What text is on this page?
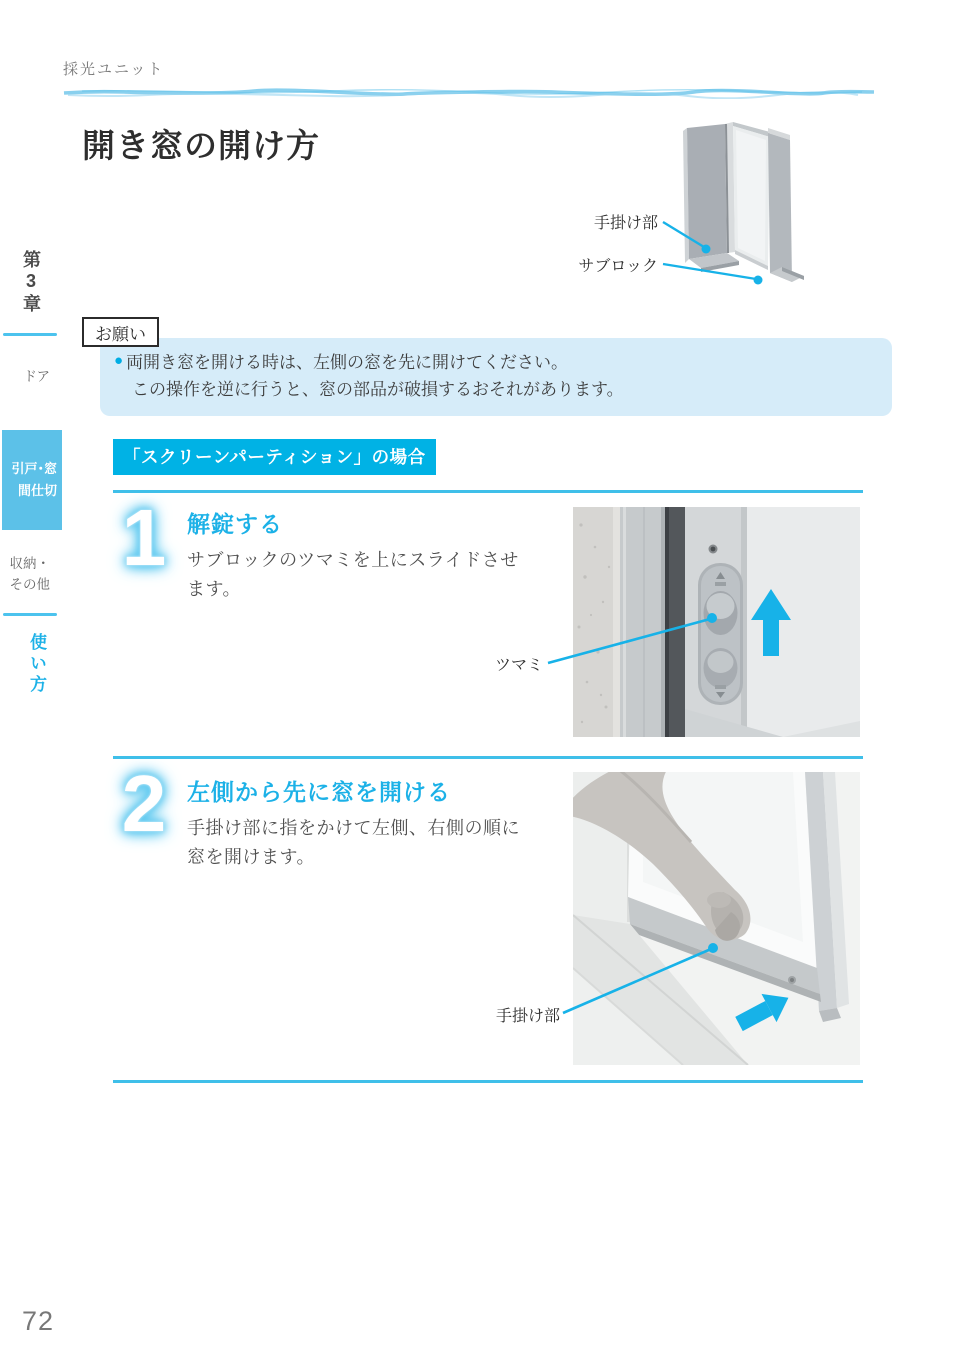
採光ユニット
開き窓の開け方
第3章
ドア
引戸･窓
間仕切
収納・
その他
使い方
手掛け部
サブロック
お願い
● 両開き窓を開ける時は、左側の窓を先に開けてください。
この操作を逆に行うと、窓の部品が破損するおそれがあります。
「スクリーンパーティション」の場合
1 解錠する
サブロックのツマミを上にスライドさせ
ます。
ツマミ
2 左側から先に窓を開ける
手掛け部に指をかけて左側、右側の順に
窓を開けます。
手掛け部
72
